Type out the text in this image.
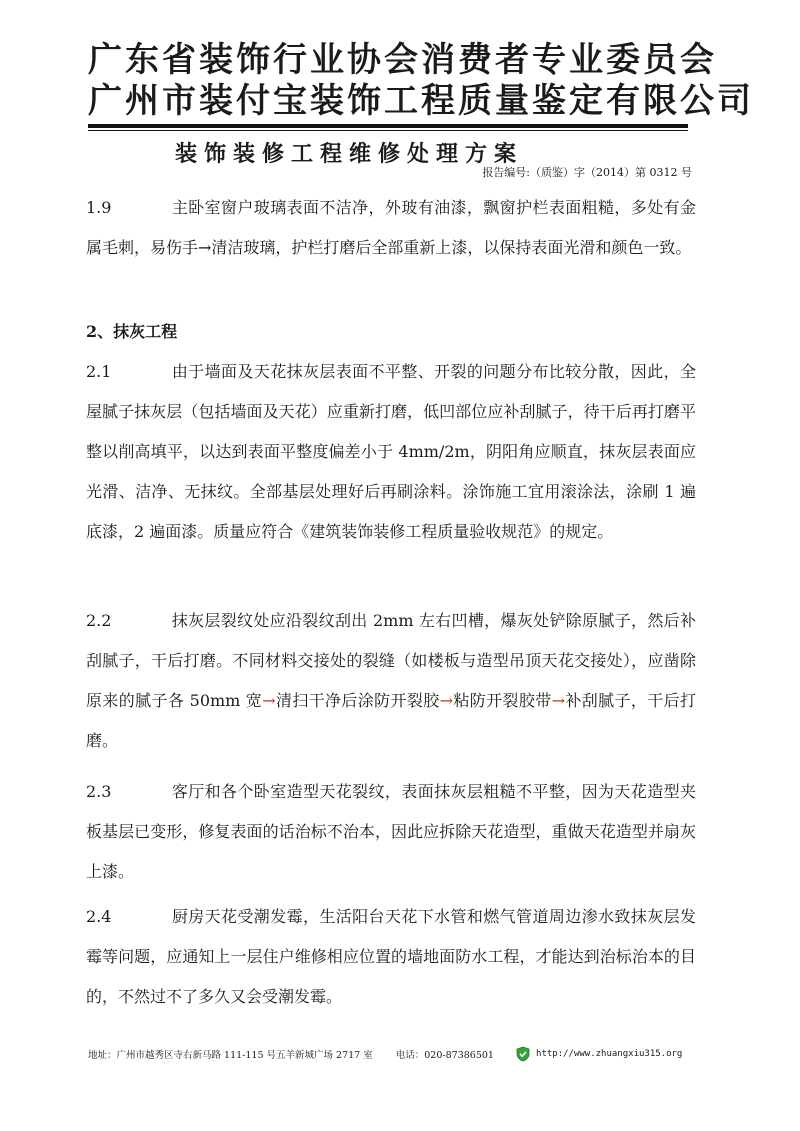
广东省装饰行业协会消费者专业委员会
广州市装付宝装饰工程质量鉴定有限公司
装饰装修工程维修处理方案
报告编号:（质鉴）字（2014）第 0312 号

1.9	主卧室窗户玻璃表面不洁净，外玻有油漆，飘窗护栏表面粗糙，多处有金属毛刺，易伤手→清洁玻璃，护栏打磨后全部重新上漆，以保持表面光滑和颜色一致。

2、抹灰工程

2.1	由于墙面及天花抹灰层表面不平整、开裂的问题分布比较分散，因此，全屋腻子抹灰层（包括墙面及天花）应重新打磨，低凹部位应补刮腻子，待干后再打磨平整以削高填平，以达到表面平整度偏差小于 4mm/2m，阴阳角应顺直，抹灰层表面应光滑、洁净、无抹纹。全部基层处理好后再刷涂料。涂饰施工宜用滚涂法，涂刷 1 遍底漆，2 遍面漆。质量应符合《建筑装饰装修工程质量验收规范》的规定。

2.2	抹灰层裂纹处应沿裂纹刮出 2mm 左右凹槽，爆灰处铲除原腻子，然后补刮腻子，干后打磨。不同材料交接处的裂缝（如楼板与造型吊顶天花交接处），应凿除原来的腻子各 50mm 宽→清扫干净后涂防开裂胶→粘防开裂胶带→补刮腻子，干后打磨。

2.3	客厅和各个卧室造型天花裂纹，表面抹灰层粗糙不平整，因为天花造型夹板基层已变形，修复表面的话治标不治本，因此应拆除天花造型，重做天花造型并扇灰上漆。

2.4	厨房天花受潮发霉，生活阳台天花下水管和燃气管道周边渗水致抹灰层发霉等问题，应通知上一层住户维修相应位置的墙地面防水工程，才能达到治标治本的目的，不然过不了多久又会受潮发霉。

地址：广州市越秀区寺右新马路 111-115 号五羊新城广场 2717 室 电话：020-87386501	http://www.zhuangxiu315.org
